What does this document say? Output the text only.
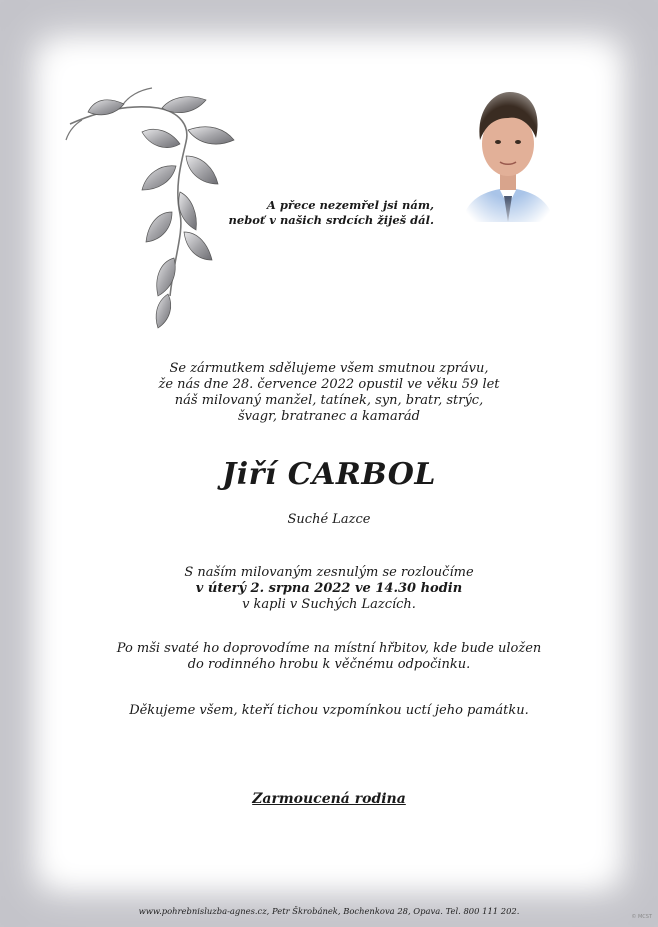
A přece nezemřel jsi nám,
neboť v našich srdcích žiješ dál.
Se zármutkem sdělujeme všem smutnou zprávu,
že nás dne 28. července 2022 opustil ve věku 59 let
náš milovaný manžel, tatínek, syn, bratr, strýc,
švagr, bratranec a kamarád
Jiří CARBOL
Suché Lazce
S naším milovaným zesnulým se rozloučíme
v úterý 2. srpna 2022 ve 14.30 hodin
v kapli v Suchých Lazcích.
Po mši svaté ho doprovodíme na místní hřbitov, kde bude uložen
do rodinného hrobu k věčnému odpočinku.
Děkujeme všem, kteří tichou vzpomínkou uctí jeho památku.
Zarmoucená rodina
www.pohrebnisluzba-agnes.cz, Petr Škrobánek, Bochenkova 28, Opava. Tel. 800 111 202.
© MCST
